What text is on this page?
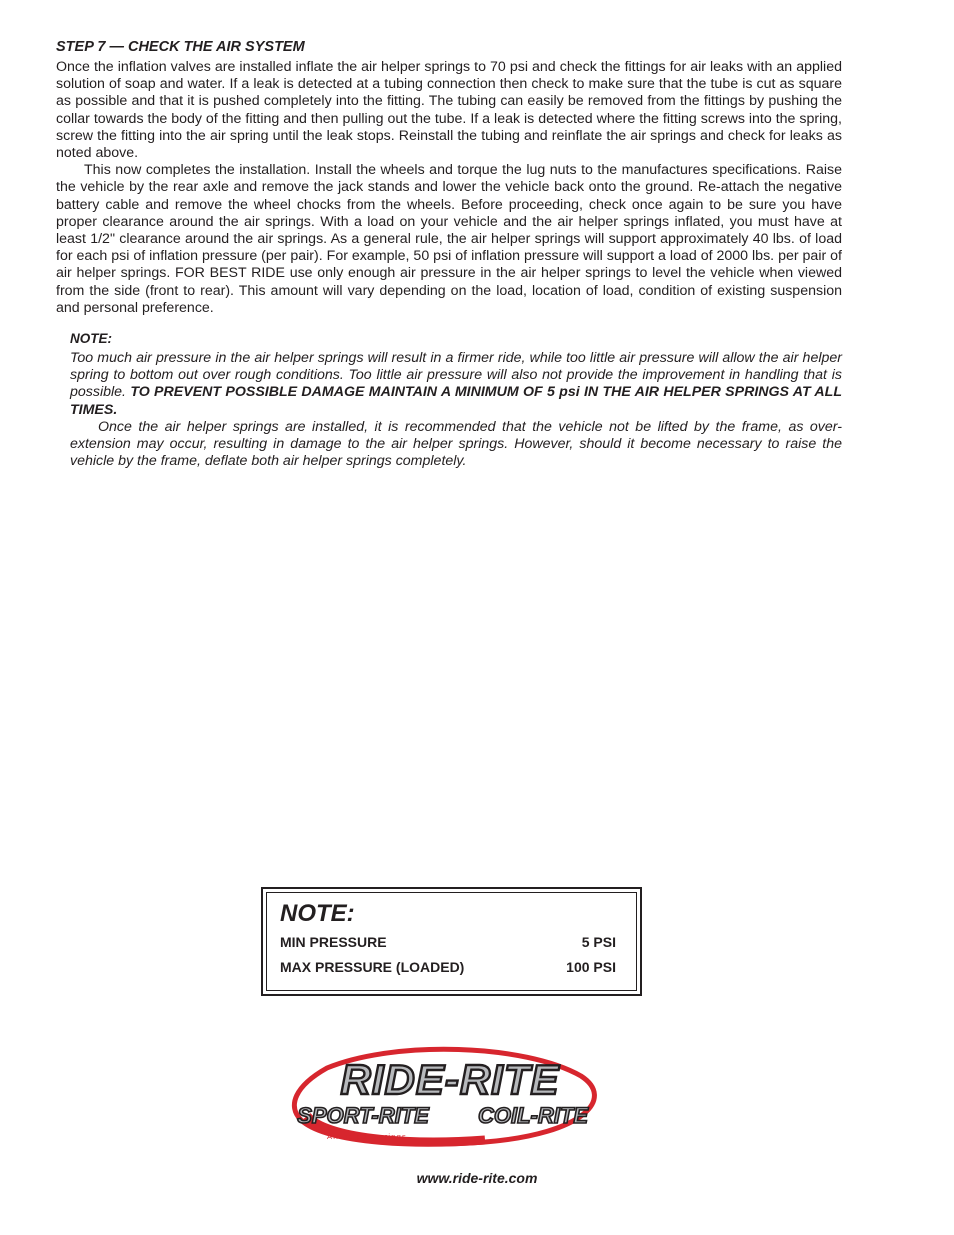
STEP 7 — CHECK THE AIR SYSTEM

Once the inflation valves are installed inflate the air helper springs to 70 psi and check the fittings for air leaks with an applied solution of soap and water. If a leak is detected at a tubing connection then check to make sure that the tube is cut as square as possible and that it is pushed completely into the fitting. The tubing can easily be removed from the fittings by pushing the collar towards the body of the fitting and then pulling out the tube. If a leak is detected where the fitting screws into the spring, screw the fitting into the air spring until the leak stops. Reinstall the tubing and reinflate the air springs and check for leaks as noted above.

This now completes the installation. Install the wheels and torque the lug nuts to the manufactures specifications. Raise the vehicle by the rear axle and remove the jack stands and lower the vehicle back onto the ground. Re-attach the negative battery cable and remove the wheel chocks from the wheels. Before proceeding, check once again to be sure you have proper clearance around the air springs. With a load on your vehicle and the air helper springs inflated, you must have at least 1/2" clearance around the air springs. As a general rule, the air helper springs will support approximately 40 lbs. of load for each psi of inflation pressure (per pair). For example, 50 psi of inflation pressure will support a load of 2000 lbs. per pair of air helper springs. FOR BEST RIDE use only enough air pressure in the air helper springs to level the vehicle when viewed from the side (front to rear). This amount will vary depending on the load, location of load, condition of existing suspension and personal preference.

NOTE:

Too much air pressure in the air helper springs will result in a firmer ride, while too little air pressure will allow the air helper spring to bottom out over rough conditions. Too little air pressure will also not provide the improvement in handling that is possible. TO PREVENT POSSIBLE DAMAGE MAINTAIN A MINIMUM OF 5 psi IN THE AIR HELPER SPRINGS AT ALL TIMES.

Once the air helper springs are installed, it is recommended that the vehicle not be lifted by the frame, as over-extension may occur, resulting in damage to the air helper springs. However, should it become necessary to raise the vehicle by the frame, deflate both air helper springs completely.

NOTE:
MIN PRESSURE	5 PSI
MAX PRESSURE (LOADED)	100 PSI
RIDE-RITE
SPORT-RITE COIL-RITE
Air helper springs
www.ride-rite.com
